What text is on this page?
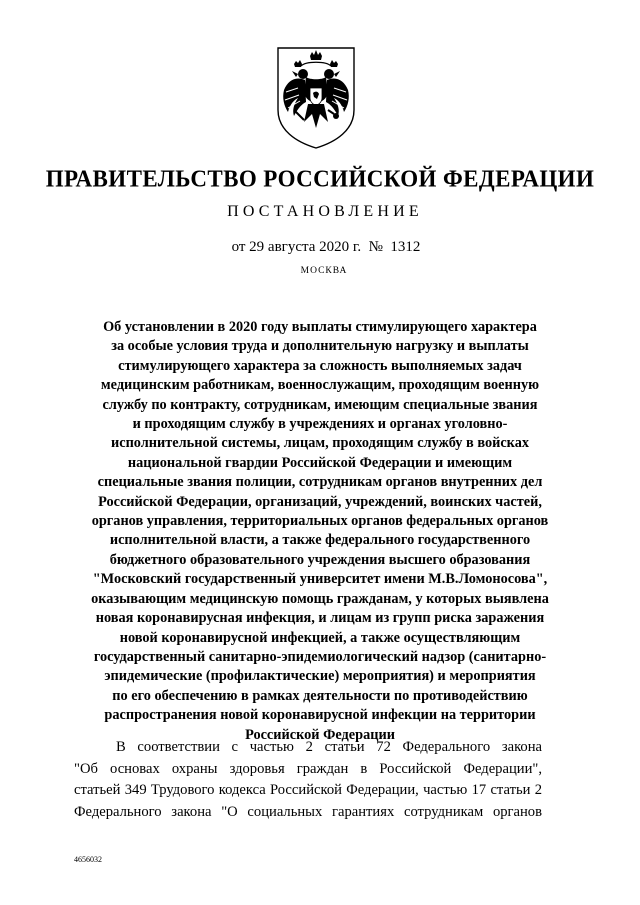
ПРАВИТЕЛЬСТВО РОССИЙСКОЙ ФЕДЕРАЦИИ
ПОСТАНОВЛЕНИЕ
от 29 августа 2020 г.  №  1312
МОСКВА
Об установлении в 2020 году выплаты стимулирующего характера
за особые условия труда и дополнительную нагрузку и выплаты
стимулирующего характера за сложность выполняемых задач
медицинским работникам, военнослужащим, проходящим военную
службу по контракту, сотрудникам, имеющим специальные звания
и проходящим службу в учреждениях и органах уголовно-
исполнительной системы, лицам, проходящим службу в войсках
национальной гвардии Российской Федерации и имеющим
специальные звания полиции, сотрудникам органов внутренних дел
Российской Федерации, организаций, учреждений, воинских частей,
органов управления, территориальных органов федеральных органов
исполнительной власти, а также федерального государственного
бюджетного образовательного учреждения высшего образования
"Московский государственный университет имени М.В.Ломоносова",
оказывающим медицинскую помощь гражданам, у которых выявлена
новая коронавирусная инфекция, и лицам из групп риска заражения
новой коронавирусной инфекцией, а также осуществляющим
государственный санитарно-эпидемиологический надзор (санитарно-
эпидемические (профилактические) мероприятия) и мероприятия
по его обеспечению в рамках деятельности по противодействию
распространения новой коронавирусной инфекции на территории
Российской Федерации
В соответствии с частью 2 статьи 72 Федерального закона
"Об основах охраны здоровья граждан в Российской Федерации",
статьей 349 Трудового кодекса Российской Федерации, частью 17 статьи 2
Федерального закона "О социальных гарантиях сотрудникам органов
4656032
